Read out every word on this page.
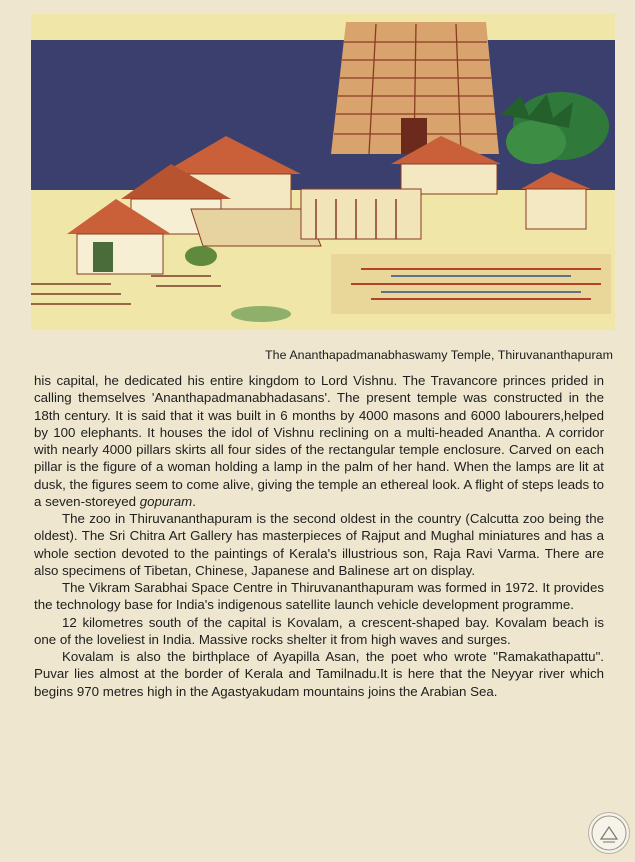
The Ananthapadmanabhaswamy Temple, Thiruvananthapuram

his capital, he dedicated his entire kingdom to Lord Vishnu. The Travancore princes prided in calling themselves 'Ananthapadmanabhadasans'. The present temple was constructed in the 18th century. It is said that it was built in 6 months by 4000 masons and 6000 labourers,helped by 100 elephants. It houses the idol of Vishnu reclining on a multi-headed Anantha. A corridor with nearly 4000 pillars skirts all four sides of the rectangular temple enclosure. Carved on each pillar is the figure of a woman holding a lamp in the palm of her hand. When the lamps are lit at dusk, the figures seem to come alive, giving the temple an ethereal look. A flight of steps leads to a seven-storeyed gopuram.

The zoo in Thiruvananthapuram is the second oldest in the country (Calcutta zoo being the oldest). The Sri Chitra Art Gallery has masterpieces of Rajput and Mughal miniatures and has a whole section devoted to the paintings of Kerala's illustrious son, Raja Ravi Varma. There are also specimens of Tibetan, Chinese, Japanese and Balinese art on display.

The Vikram Sarabhai Space Centre in Thiruvananthapuram was formed in 1972. It provides the technology base for India's indigenous satellite launch vehicle development programme.

12 kilometres south of the capital is Kovalam, a crescent-shaped bay. Kovalam beach is one of the loveliest in India. Massive rocks shelter it from high waves and surges.

Kovalam is also the birthplace of Ayapilla Asan, the poet who wrote "Ramakathapattu". Puvar lies almost at the border of Kerala and Tamilnadu.It is here that the Neyyar river which begins 970 metres high in the Agastyakudam mountains joins the Arabian Sea.
